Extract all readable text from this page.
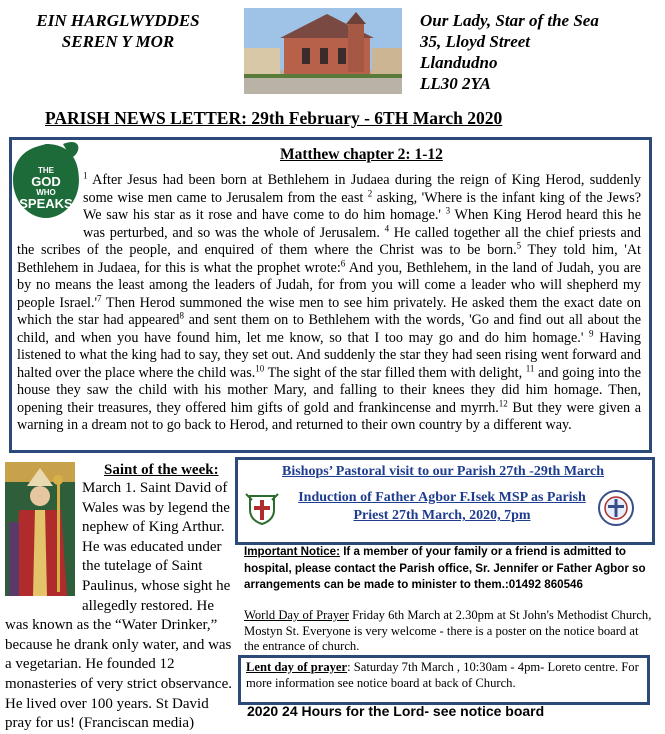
EIN HARGLWYDDES
SEREN Y MOR
Our Lady, Star of the Sea
35, Lloyd Street
Llandudno
LL30 2YA
PARISH NEWS LETTER: 29th February - 6TH March 2020
Matthew chapter 2: 1-12
THE
GOD
WHO
SPEAKS
$^1$ After Jesus had been born at Bethlehem in Judaea during the reign of King Herod, suddenly some wise men came to Jerusalem from the east $^2$ asking, 'Where is the infant king of the Jews? We saw his star as it rose and have come to do him homage.' $^3$ When King Herod heard this he was perturbed, and so was the whole of Jerusalem. $^4$ He called together all the chief priests and the scribes of the people, and enquired of them where the Christ was to be born.$^5$ They told him, 'At Bethlehem in Judaea, for this is what the prophet wrote:$^6$ And you, Bethlehem, in the land of Judah, you are by no means the least among the leaders of Judah, for from you will come a leader who will shepherd my people $Israel.'^7$ Then Herod summoned the wise men to see him privately. He asked them the exact date on which the star had appeared$^8$ and sent them on to Bethlehem with the words, 'Go and find out all about the child, and when you have found him, let me know, so that I too may go and do him homage.' $^9$ Having listened to what the king had to say, they set out. And suddenly the star they had seen rising went forward and halted over the place where the child was.$^{10}$ The sight of the star filled them with delight, $^{11}$ and going into the house they saw the child with his mother Mary, and falling to their knees they did him homage. Then, opening their treasures, they offered him gifts of gold and frankincense and myrrh.$^{12}$ But they were given a warning in a dream not to go back to Herod, and returned to their own country by a different way.
Saint of the week:
March 1. Saint David of Wales was by legend the nephew of King Arthur. He was educated under the tutelage of Saint Paulinus, whose sight he allegedly restored. He was known as the “Water Drinker,” because he drank only water, and was a vegetarian. He founded 12 monasteries of very strict observance. He lived over 100 years. St David pray for us! (Franciscan media)
Bishops’ Pastoral visit to our Parish 27th -29th March
Induction of Father Agbor F.Isek MSP as Parish Priest 27th March, 2020, 7pm
Important Notice: If a member of your family or a friend is admitted to hospital, please contact the Parish office, Sr. Jennifer or Father Agbor so arrangements can be made to minister to them.:01492 860546
World Day of Prayer Friday 6th March at 2.30pm at St John's Methodist Church, Mostyn St. Everyone is very welcome - there is a poster on the notice board at the entrance of church.
Lent day of prayer: Saturday 7th March , 10:30am - 4pm- Loreto centre. For more information see notice board at back of Church.
2020 24 Hours for the Lord- see notice board
